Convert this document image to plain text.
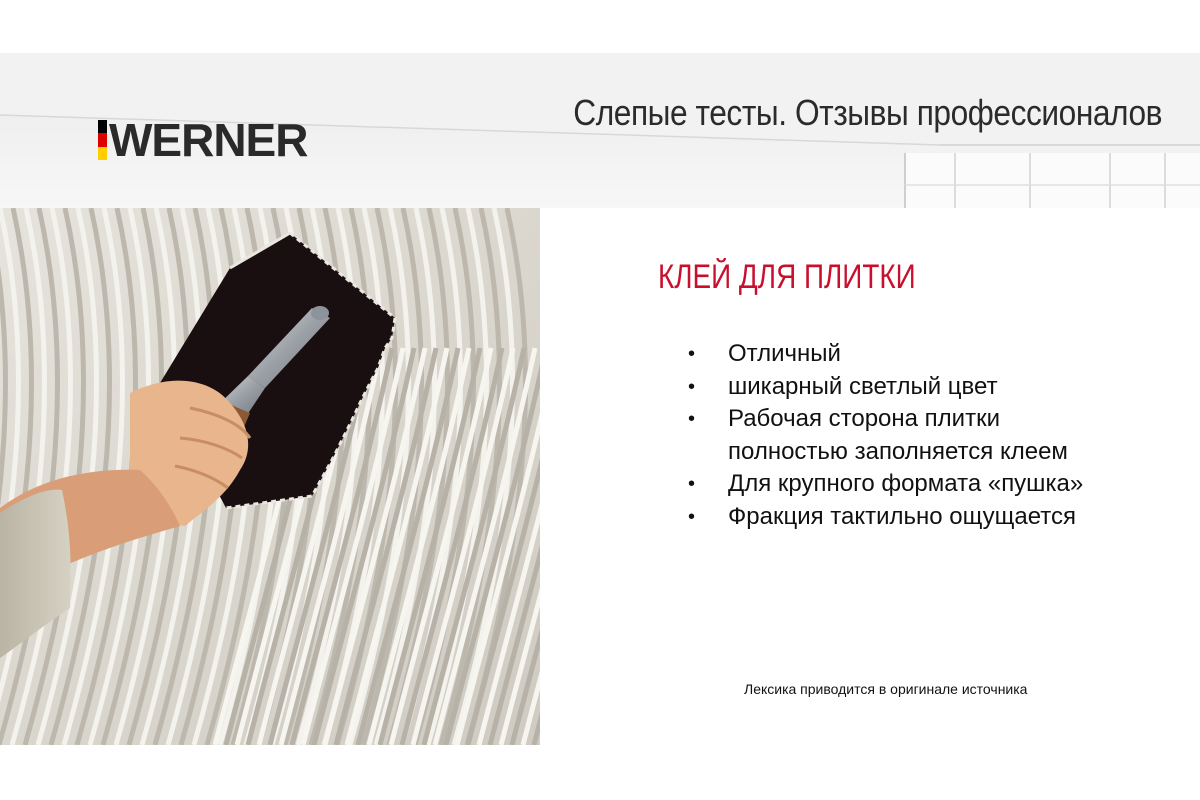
WERNER
Слепые тесты. Отзывы профессионалов
КЛЕЙ ДЛЯ ПЛИТКИ
• Отличный
• шикарный светлый цвет
• Рабочая сторона плитки полностью заполняется клеем
• Для крупного формата «пушка»
• Фракция тактильно ощущается
Лексика приводится в оригинале источника
